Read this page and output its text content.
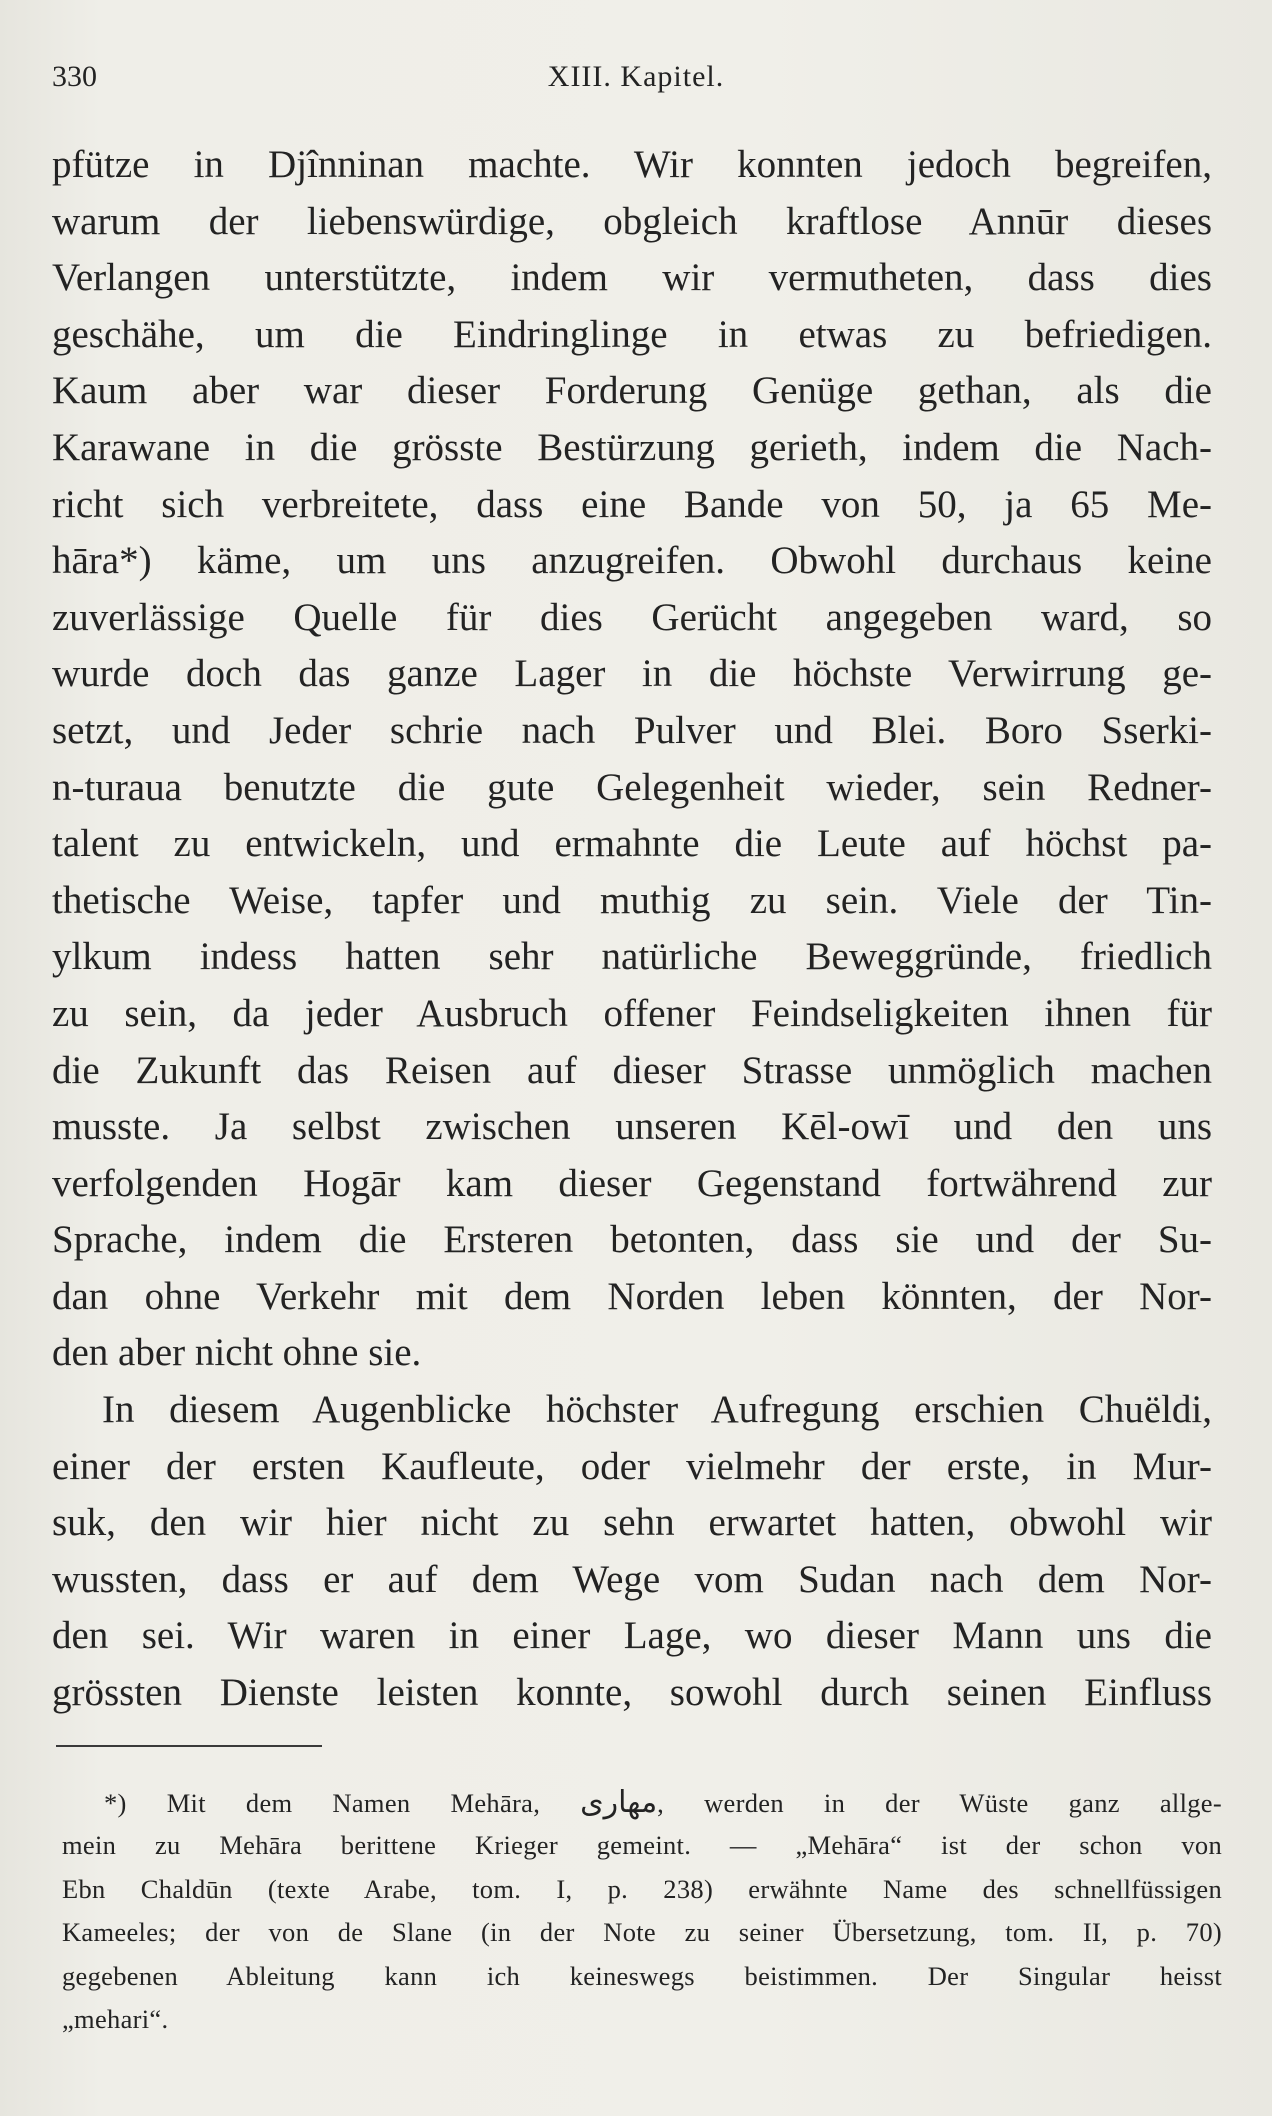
330	XIII. Kapitel.
pfütze in Djînninan machte. Wir konnten jedoch begreifen,
warum der liebenswürdige, obgleich kraftlose Annūr dieses
Verlangen unterstützte, indem wir vermutheten, dass dies
geschähe, um die Eindringlinge in etwas zu befriedigen.
Kaum aber war dieser Forderung Genüge gethan, als die
Karawane in die grösste Bestürzung gerieth, indem die Nach-
richt sich verbreitete, dass eine Bande von 50, ja 65 Me-
hāra*) käme, um uns anzugreifen. Obwohl durchaus keine
zuverlässige Quelle für dies Gerücht angegeben ward, so
wurde doch das ganze Lager in die höchste Verwirrung ge-
setzt, und Jeder schrie nach Pulver und Blei. Boro Sserki-
n-turaua benutzte die gute Gelegenheit wieder, sein Redner-
talent zu entwickeln, und ermahnte die Leute auf höchst pa-
thetische Weise, tapfer und muthig zu sein. Viele der Tin-
ylkum indess hatten sehr natürliche Beweggründe, friedlich
zu sein, da jeder Ausbruch offener Feindseligkeiten ihnen für
die Zukunft das Reisen auf dieser Strasse unmöglich machen
musste. Ja selbst zwischen unseren Kēl-owī und den uns
verfolgenden Hogār kam dieser Gegenstand fortwährend zur
Sprache, indem die Ersteren betonten, dass sie und der Su-
dan ohne Verkehr mit dem Norden leben könnten, der Nor-
den aber nicht ohne sie.
In diesem Augenblicke höchster Aufregung erschien Chuëldi,
einer der ersten Kaufleute, oder vielmehr der erste, in Mur-
suk, den wir hier nicht zu sehn erwartet hatten, obwohl wir
wussten, dass er auf dem Wege vom Sudan nach dem Nor-
den sei. Wir waren in einer Lage, wo dieser Mann uns die
grössten Dienste leisten konnte, sowohl durch seinen Einfluss
*) Mit dem Namen Mehāra, مهارى, werden in der Wüste ganz allge-
mein zu Mehāra berittene Krieger gemeint. — „Mehāra“ ist der schon von
Ebn Chaldūn (texte Arabe, tom. I, p. 238) erwähnte Name des schnellfüssigen
Kameeles; der von de Slane (in der Note zu seiner Übersetzung, tom. II, p. 70)
gegebenen Ableitung kann ich keineswegs beistimmen. Der Singular heisst
„mehari“.
